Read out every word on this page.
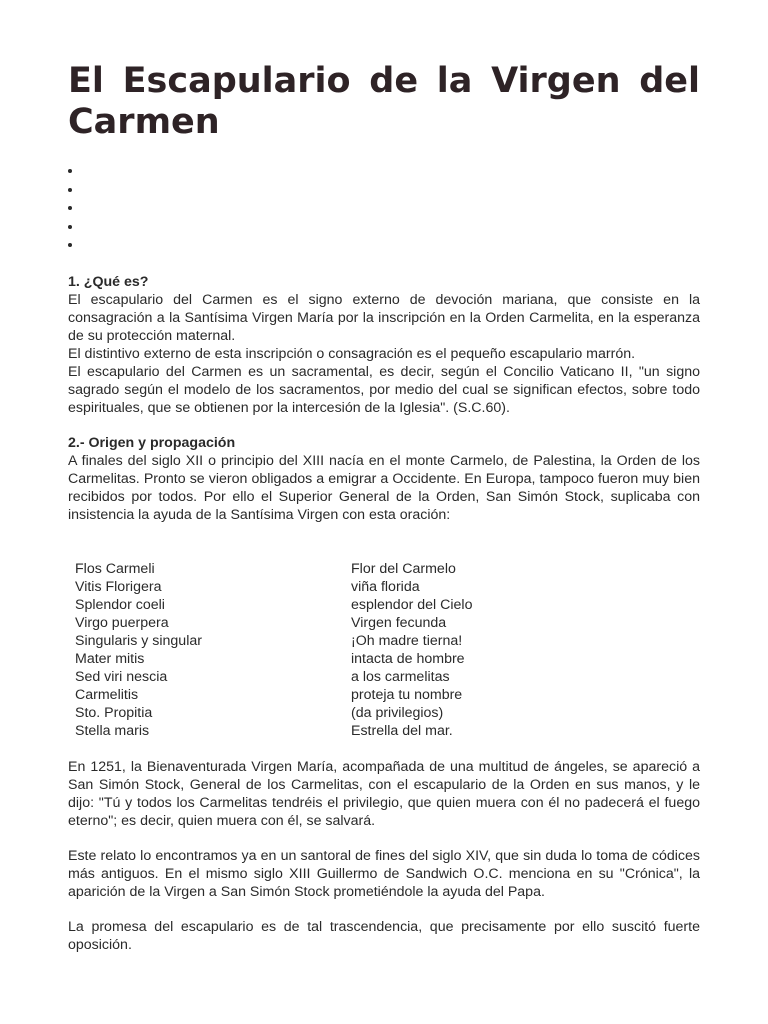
El Escapulario de la Virgen del Carmen
1. ¿Qué es?

El escapulario del Carmen es el signo externo de devoción mariana, que consiste en la consagración a la Santísima Virgen María por la inscripción en la Orden Carmelita, en la esperanza de su protección maternal.

El distintivo externo de esta inscripción o consagración es el pequeño escapulario marrón.

El escapulario del Carmen es un sacramental, es decir, según el Concilio Vaticano II, "un signo sagrado según el modelo de los sacramentos, por medio del cual se significan efectos, sobre todo espirituales, que se obtienen por la intercesión de la Iglesia". (S.C.60).

2.- Origen y propagación

A finales del siglo XII o principio del XIII nacía en el monte Carmelo, de Palestina, la Orden de los Carmelitas. Pronto se vieron obligados a emigrar a Occidente. En Europa, tampoco fueron muy bien recibidos por todos. Por ello el Superior General de la Orden, San Simón Stock, suplicaba con insistencia la ayuda de la Santísima Virgen con esta oración:

Flos Carmeli	Flor del Carmelo
Vitis Florigera	viña florida
Splendor coeli	esplendor del Cielo
Virgo puerpera	Virgen fecunda
Singularis y singular	¡Oh madre tierna!
Mater mitis	intacta de hombre
Sed viri nescia	a los carmelitas
Carmelitis	proteja tu nombre
Sto. Propitia	(da privilegios)
Stella maris	Estrella del mar.

En 1251, la Bienaventurada Virgen María, acompañada de una multitud de ángeles, se apareció a San Simón Stock, General de los Carmelitas, con el escapulario de la Orden en sus manos, y le dijo: "Tú y todos los Carmelitas tendréis el privilegio, que quien muera con él no padecerá el fuego eterno"; es decir, quien muera con él, se salvará.

Este relato lo encontramos ya en un santoral de fines del siglo XIV, que sin duda lo toma de códices más antiguos. En el mismo siglo XIII Guillermo de Sandwich O.C. menciona en su "Crónica", la aparición de la Virgen a San Simón Stock prometiéndole la ayuda del Papa.

La promesa del escapulario es de tal trascendencia, que precisamente por ello suscitó fuerte oposición.
